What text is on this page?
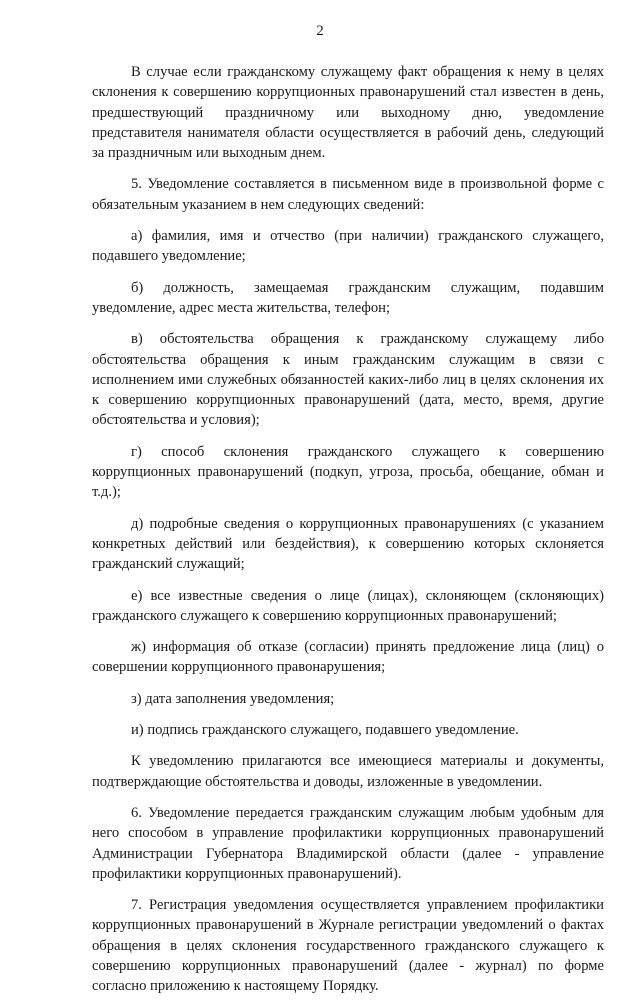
2

В случае если гражданскому служащему факт обращения к нему в целях склонения к совершению коррупционных правонарушений стал известен в день, предшествующий праздничному или выходному дню, уведомление представителя нанимателя области осуществляется в рабочий день, следующий за праздничным или выходным днем.

5. Уведомление составляется в письменном виде в произвольной форме с обязательным указанием в нем следующих сведений:

а) фамилия, имя и отчество (при наличии) гражданского служащего, подавшего уведомление;

б) должность, замещаемая гражданским служащим, подавшим уведомление, адрес места жительства, телефон;

в) обстоятельства обращения к гражданскому служащему либо обстоятельства обращения к иным гражданским служащим в связи с исполнением ими служебных обязанностей каких-либо лиц в целях склонения их к совершению коррупционных правонарушений (дата, место, время, другие обстоятельства и условия);

г) способ склонения гражданского служащего к совершению коррупционных правонарушений (подкуп, угроза, просьба, обещание, обман и т.д.);

д) подробные сведения о коррупционных правонарушениях (с указанием конкретных действий или бездействия), к совершению которых склоняется гражданский служащий;

е) все известные сведения о лице (лицах), склоняющем (склоняющих) гражданского служащего к совершению коррупционных правонарушений;

ж) информация об отказе (согласии) принять предложение лица (лиц) о совершении коррупционного правонарушения;

з) дата заполнения уведомления;

и) подпись гражданского служащего, подавшего уведомление.

К уведомлению прилагаются все имеющиеся материалы и документы, подтверждающие обстоятельства и доводы, изложенные в уведомлении.

6. Уведомление передается гражданским служащим любым удобным для него способом в управление профилактики коррупционных правонарушений Администрации Губернатора Владимирской области (далее - управление профилактики коррупционных правонарушений).

7. Регистрация уведомления осуществляется управлением профилактики коррупционных правонарушений в Журнале регистрации уведомлений о фактах обращения в целях склонения государственного гражданского служащего к совершению коррупционных правонарушений (далее - журнал) по форме согласно приложению к настоящему Порядку.
